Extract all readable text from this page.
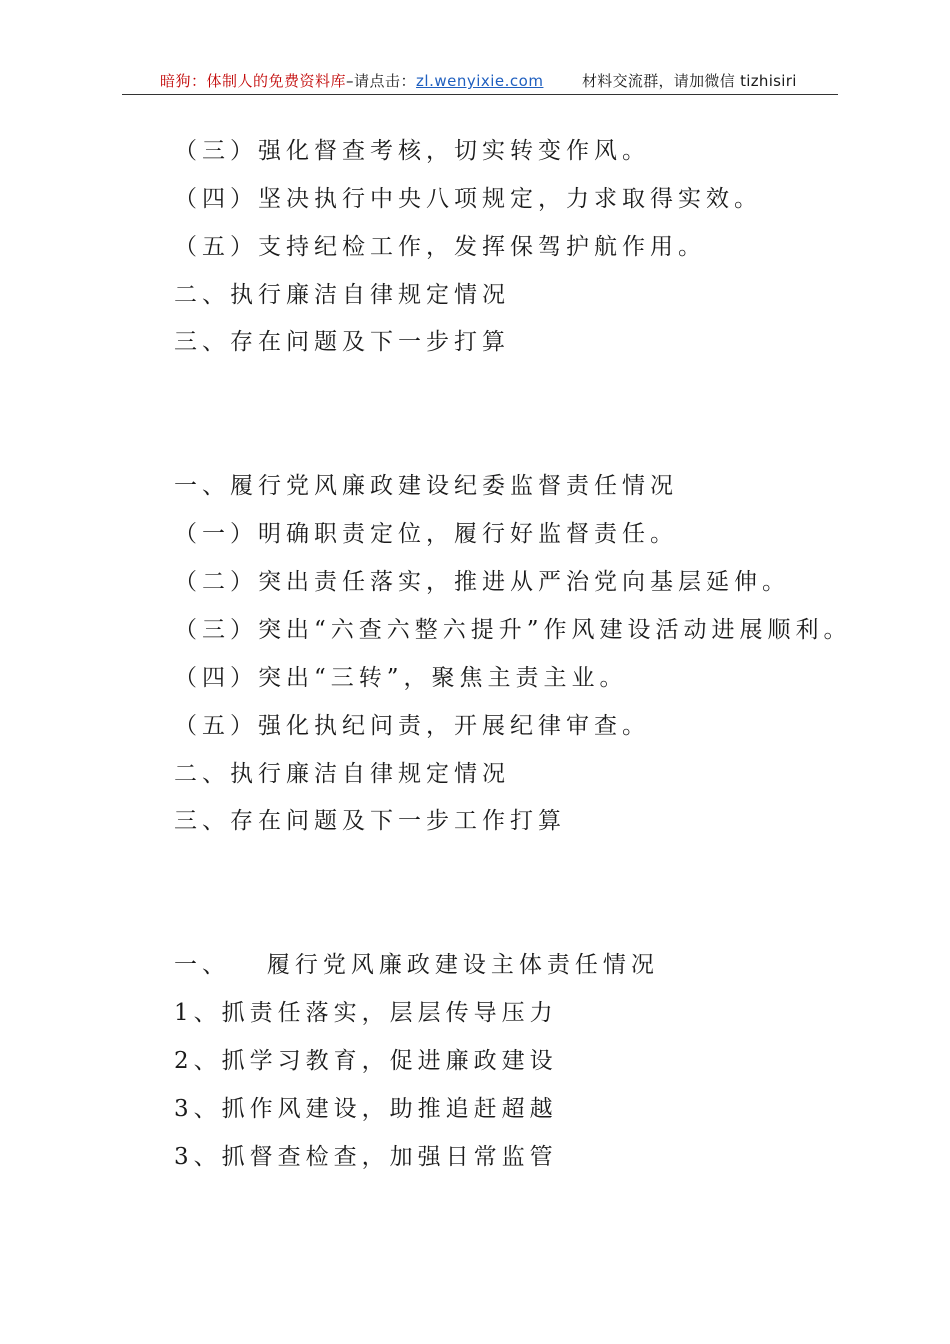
暗狗：体制人的免费资料库–请点击：zl.wenyixie.com	材料交流群，请加微信 tizhisiri
（三）强化督查考核，切实转变作风。
（四）坚决执行中央八项规定，力求取得实效。
（五）支持纪检工作，发挥保驾护航作用。
二、执行廉洁自律规定情况
三、存在问题及下一步打算
一、履行党风廉政建设纪委监督责任情况
（一）明确职责定位，履行好监督责任。
（二）突出责任落实，推进从严治党向基层延伸。
（三）突出“六查六整六提升”作风建设活动进展顺利。
（四）突出“三转”，聚焦主责主业。
（五）强化执纪问责，开展纪律审查。
二、执行廉洁自律规定情况
三、存在问题及下一步工作打算
一、   履行党风廉政建设主体责任情况
1、抓责任落实，层层传导压力
2、抓学习教育，促进廉政建设
3、抓作风建设，助推追赶超越
3、抓督查检查，加强日常监管
